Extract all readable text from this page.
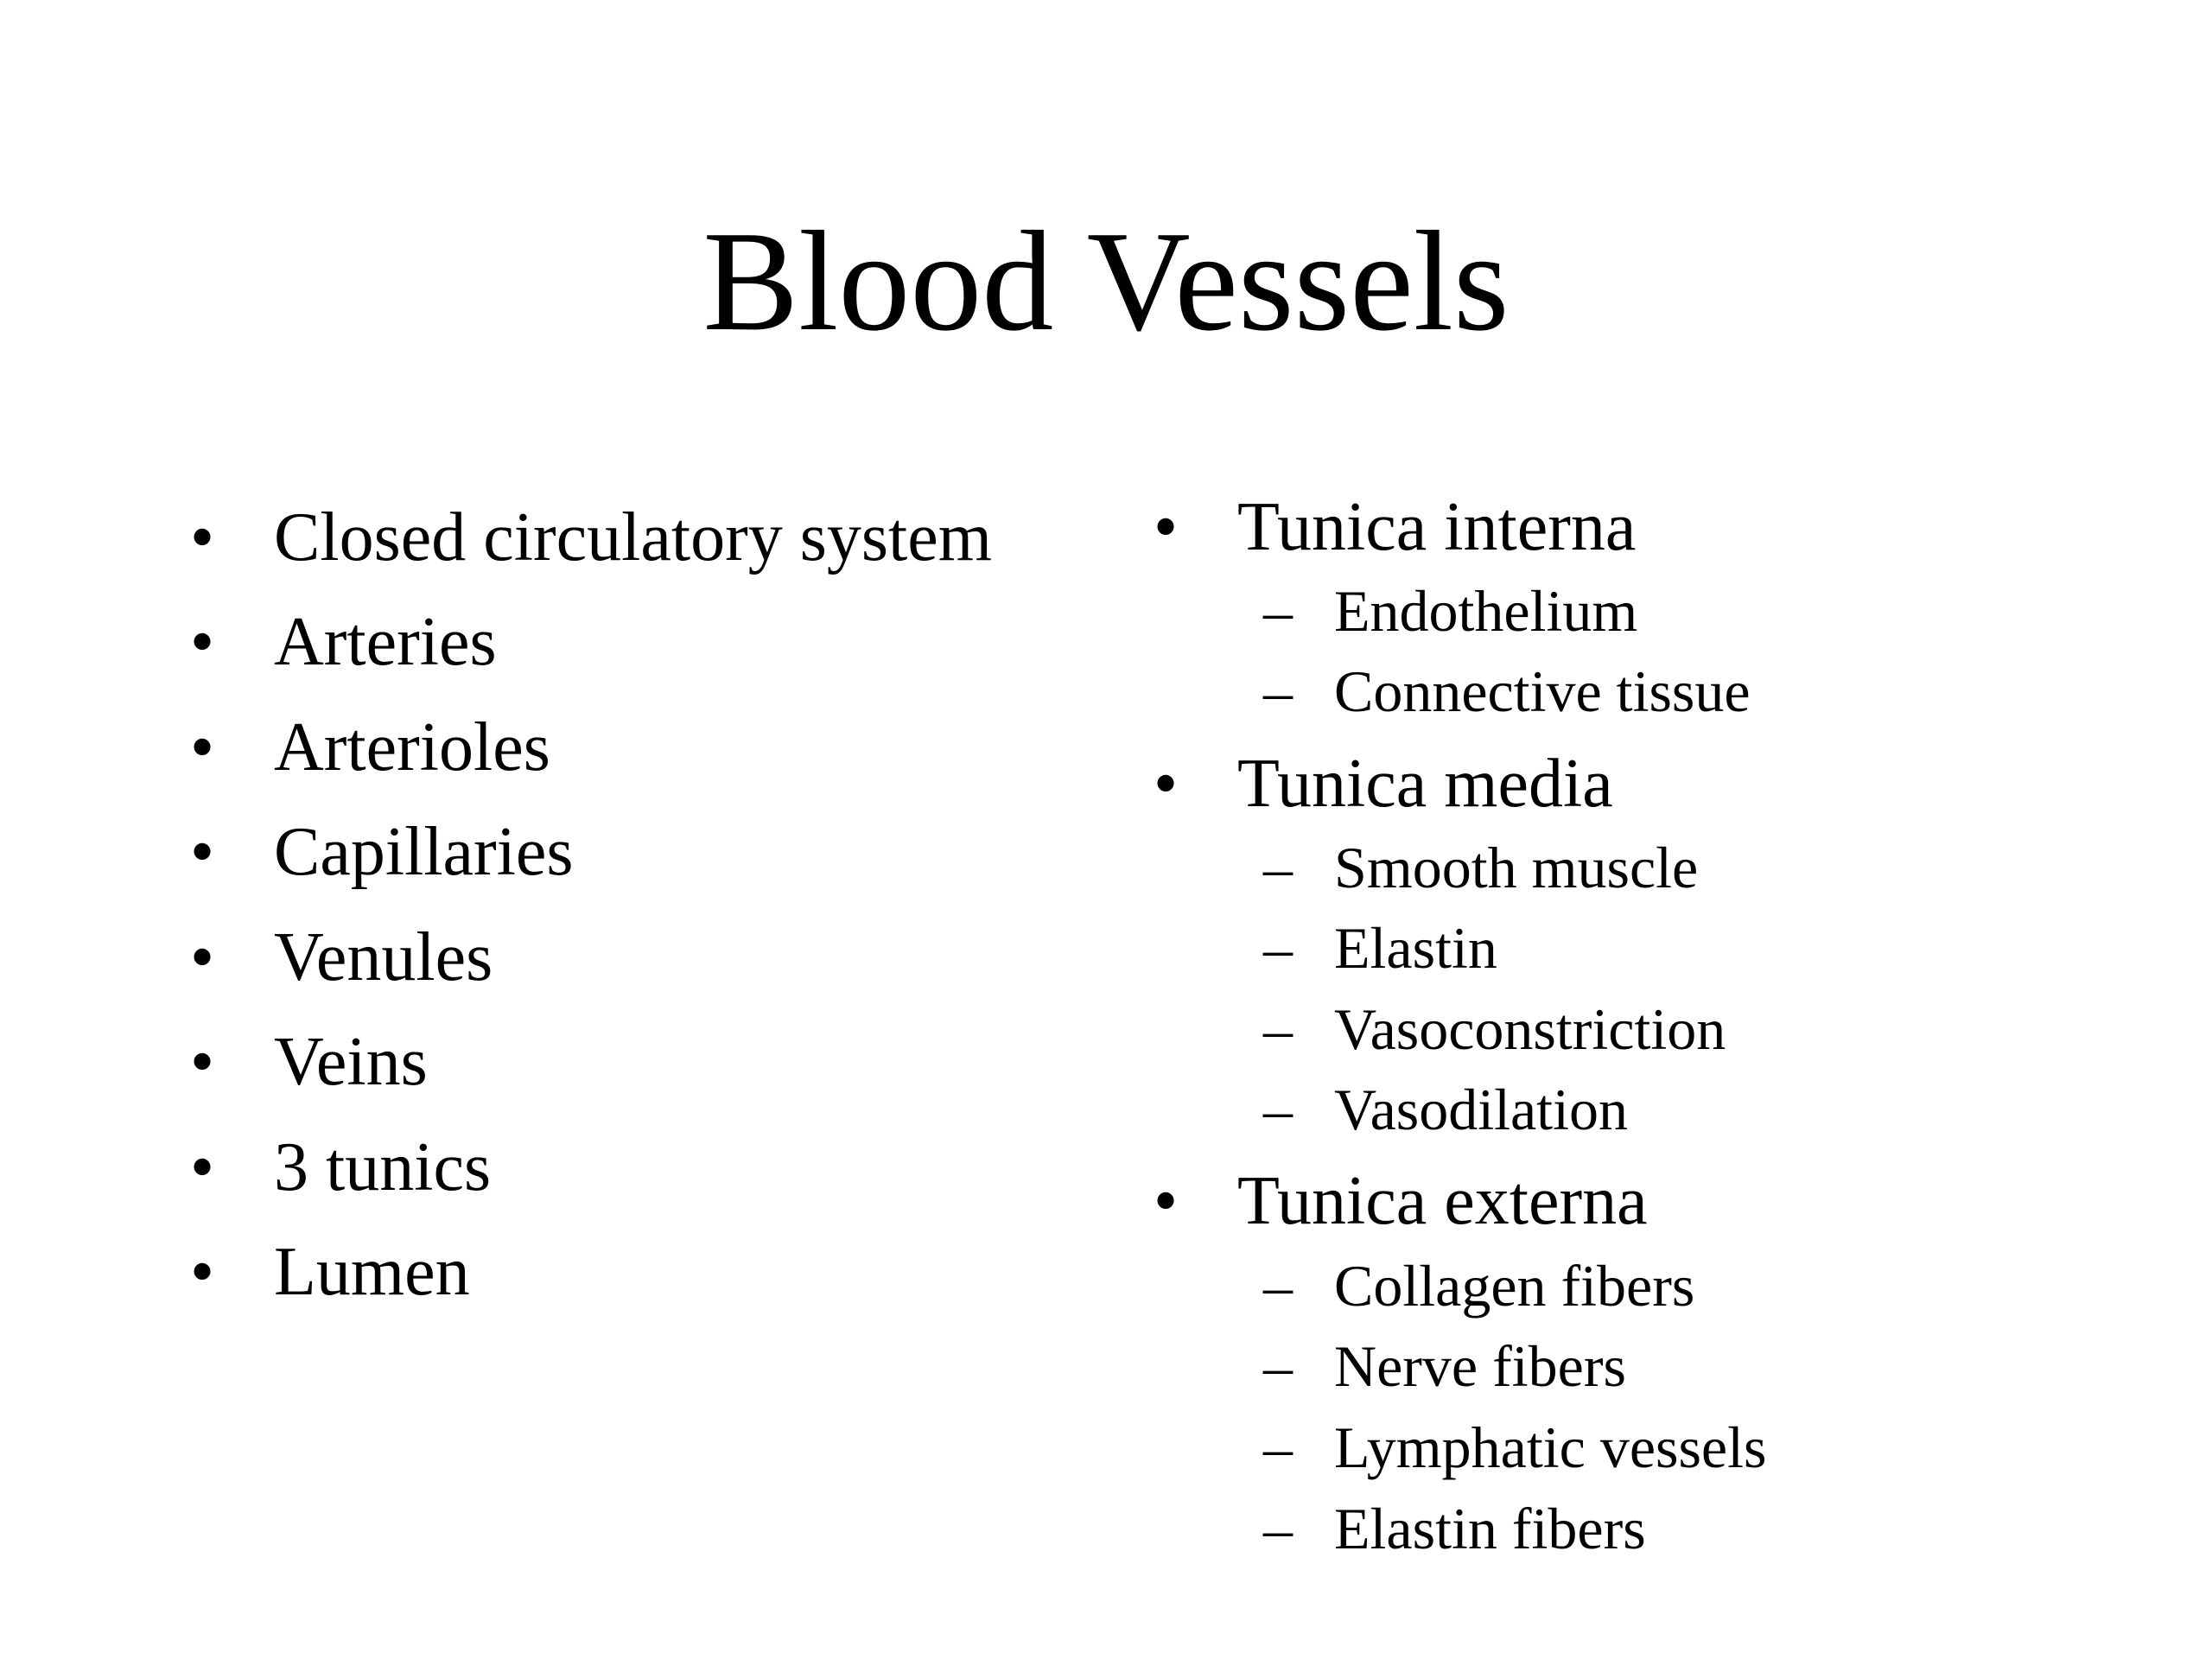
Blood Vessels
• Closed circulatory system
• Arteries
• Arterioles
• Capillaries
• Venules
• Veins
• 3 tunics
• Lumen
• Tunica interna
– Endothelium
– Connective tissue
• Tunica media
– Smooth muscle
– Elastin
– Vasoconstriction
– Vasodilation
• Tunica externa
– Collagen fibers
– Nerve fibers
– Lymphatic vessels
– Elastin fibers
